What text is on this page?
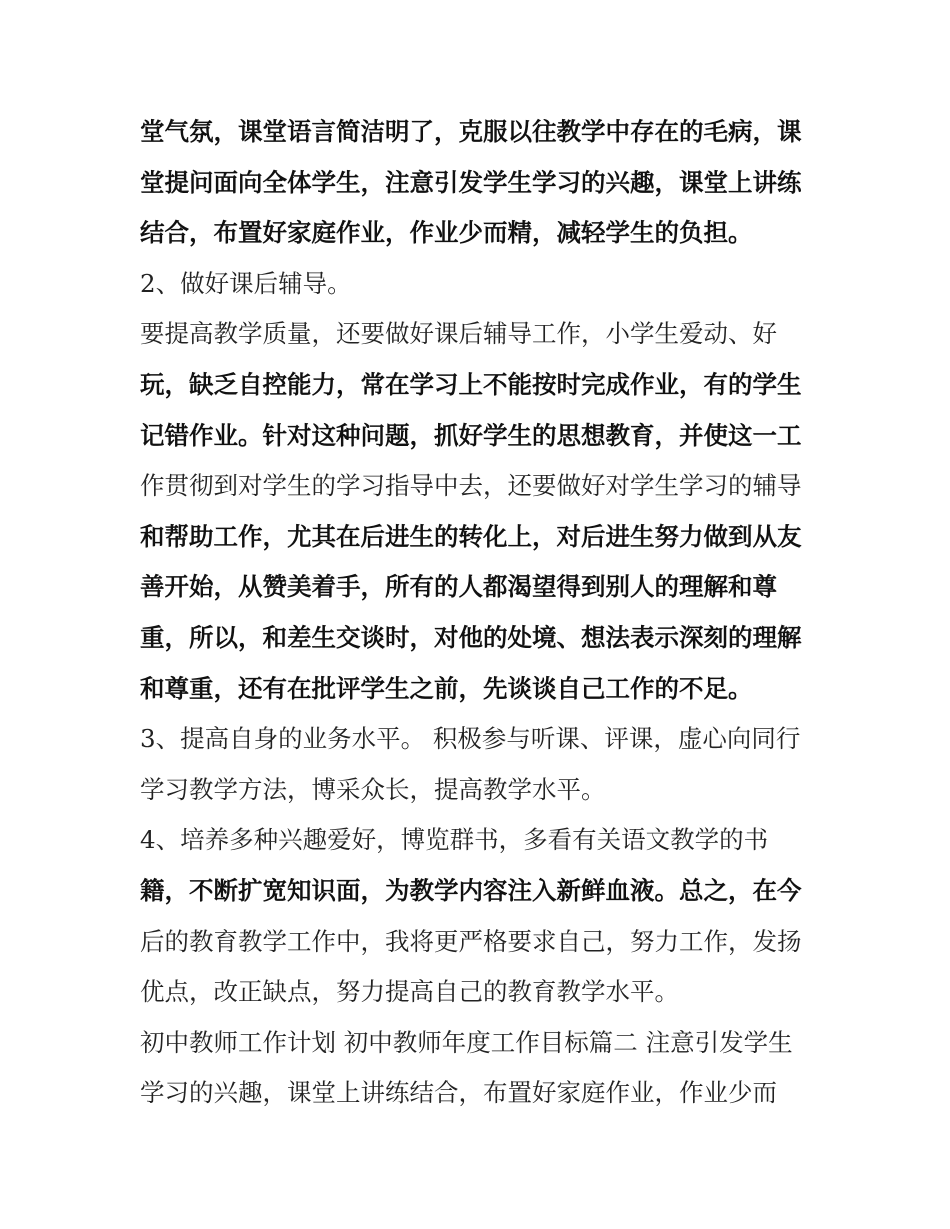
堂气氛，课堂语言简洁明了，克服以往教学中存在的毛病，课
堂提问面向全体学生，注意引发学生学习的兴趣，课堂上讲练
结合，布置好家庭作业，作业少而精，减轻学生的负担。
2、做好课后辅导。
要提高教学质量，还要做好课后辅导工作，小学生爱动、好
玩，缺乏自控能力，常在学习上不能按时完成作业，有的学生
记错作业。针对这种问题，抓好学生的思想教育，并使这一工
作贯彻到对学生的学习指导中去，还要做好对学生学习的辅导
和帮助工作，尤其在后进生的转化上，对后进生努力做到从友
善开始，从赞美着手，所有的人都渴望得到别人的理解和尊
重，所以，和差生交谈时，对他的处境、想法表示深刻的理解
和尊重，还有在批评学生之前，先谈谈自己工作的不足。
3、提高自身的业务水平。 积极参与听课、评课，虚心向同行
学习教学方法，博采众长，提高教学水平。
4、培养多种兴趣爱好，博览群书，多看有关语文教学的书
籍，不断扩宽知识面，为教学内容注入新鲜血液。总之，在今
后的教育教学工作中，我将更严格要求自己，努力工作，发扬
优点，改正缺点，努力提高自己的教育教学水平。
初中教师工作计划 初中教师年度工作目标篇二 注意引发学生
学习的兴趣，课堂上讲练结合，布置好家庭作业，作业少而
